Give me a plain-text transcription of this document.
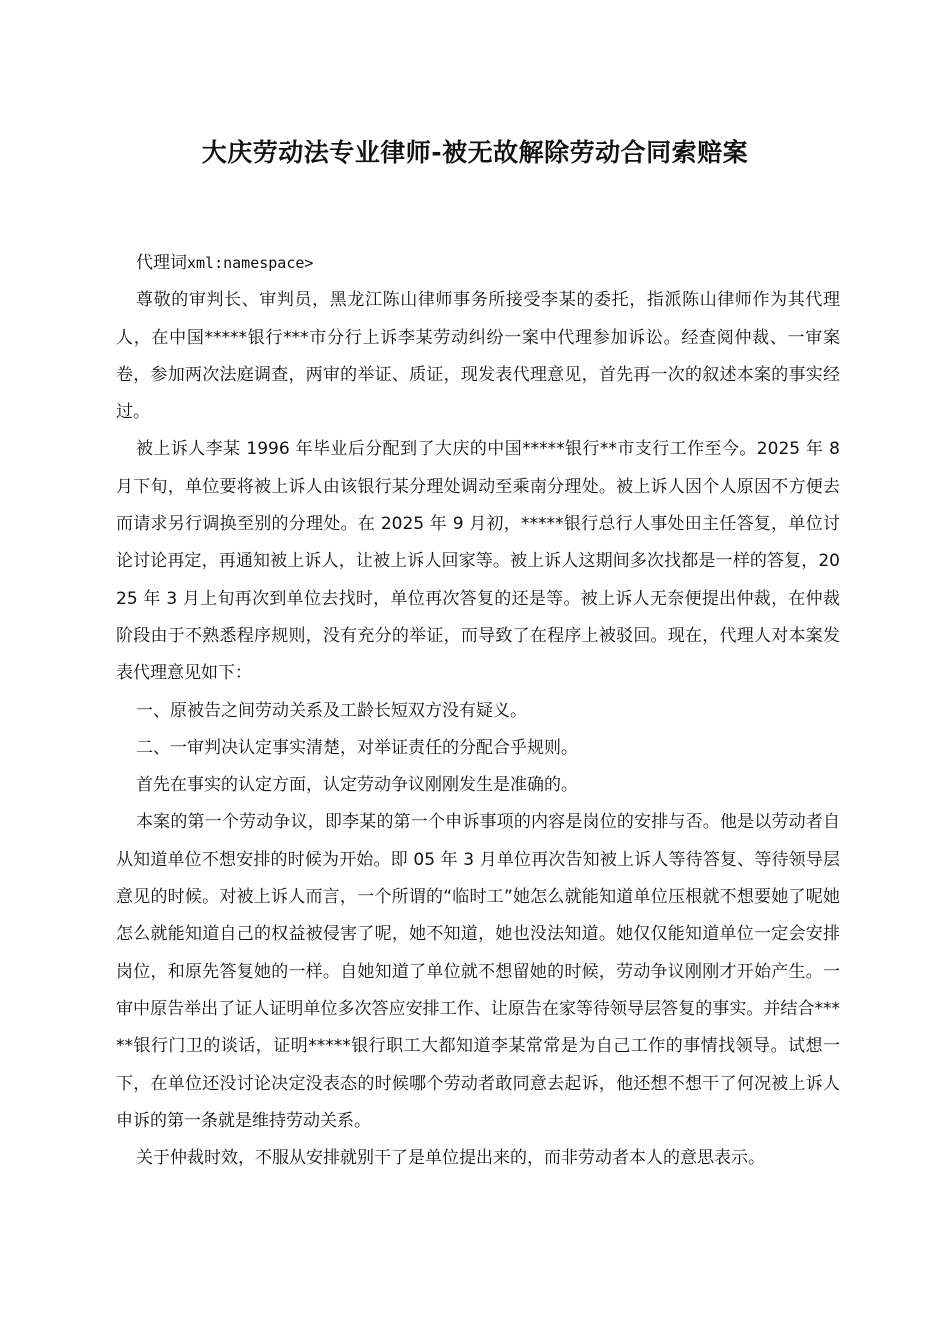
大庆劳动法专业律师-被无故解除劳动合同索赔案

代理词xml:namespace>

尊敬的审判长、审判员，黑龙江陈山律师事务所接受李某的委托，指派陈山律师作为其代理人，在中国*****银行***市分行上诉李某劳动纠纷一案中代理参加诉讼。经查阅仲裁、一审案卷，参加两次法庭调查，两审的举证、质证，现发表代理意见，首先再一次的叙述本案的事实经过。

被上诉人李某 1996 年毕业后分配到了大庆的中国*****银行**市支行工作至今。2025 年 8 月下旬，单位要将被上诉人由该银行某分理处调动至乘南分理处。被上诉人因个人原因不方便去而请求另行调换至别的分理处。在 2025 年 9 月初，*****银行总行人事处田主任答复，单位讨论讨论再定，再通知被上诉人，让被上诉人回家等。被上诉人这期间多次找都是一样的答复，2025 年 3 月上旬再次到单位去找时，单位再次答复的还是等。被上诉人无奈便提出仲裁，在仲裁阶段由于不熟悉程序规则，没有充分的举证，而导致了在程序上被驳回。现在，代理人对本案发表代理意见如下：

一、原被告之间劳动关系及工龄长短双方没有疑义。

二、一审判决认定事实清楚，对举证责任的分配合乎规则。

首先在事实的认定方面，认定劳动争议刚刚发生是准确的。

本案的第一个劳动争议，即李某的第一个申诉事项的内容是岗位的安排与否。他是以劳动者自从知道单位不想安排的时候为开始。即 05 年 3 月单位再次告知被上诉人等待答复、等待领导层意见的时候。对被上诉人而言，一个所谓的“临时工”她怎么就能知道单位压根就不想要她了呢她怎么就能知道自己的权益被侵害了呢，她不知道，她也没法知道。她仅仅能知道单位一定会安排岗位，和原先答复她的一样。自她知道了单位就不想留她的时候，劳动争议刚刚才开始产生。一审中原告举出了证人证明单位多次答应安排工作、让原告在家等待领导层答复的事实。并结合*****银行门卫的谈话，证明*****银行职工大都知道李某常常是为自己工作的事情找领导。试想一下，在单位还没讨论决定没表态的时候哪个劳动者敢同意去起诉，他还想不想干了何况被上诉人申诉的第一条就是维持劳动关系。

关于仲裁时效，不服从安排就别干了是单位提出来的，而非劳动者本人的意思表示。
